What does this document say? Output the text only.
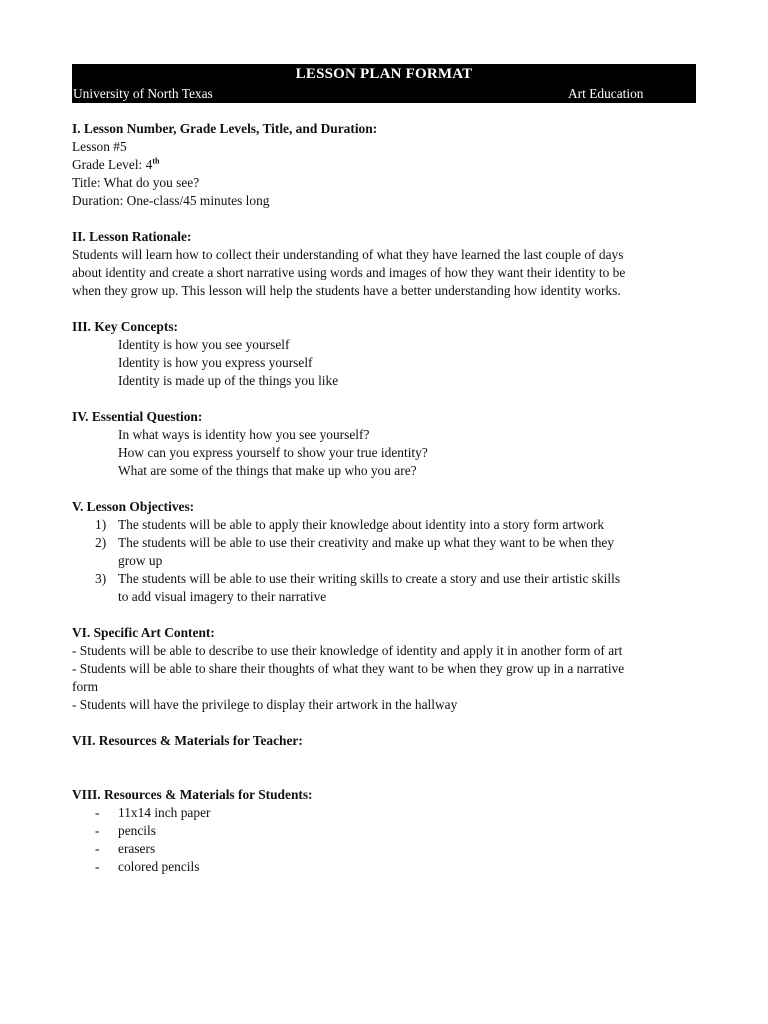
LESSON PLAN FORMAT
University of North Texas	Art Education
I. Lesson Number, Grade Levels, Title, and Duration:
Lesson #5
Grade Level: 4th
Title: What do you see?
Duration: One-class/45 minutes long
II. Lesson Rationale:
Students will learn how to collect their understanding of what they have learned the last couple of days
about identity and create a short narrative using words and images of how they want their identity to be
when they grow up. This lesson will help the students have a better understanding how identity works.
III. Key Concepts:
Identity is how you see yourself
Identity is how you express yourself
Identity is made up of the things you like
IV. Essential Question:
In what ways is identity how you see yourself?
How can you express yourself to show your true identity?
What are some of the things that make up who you are?
V. Lesson Objectives:
1) The students will be able to apply their knowledge about identity into a story form artwork
2) The students will be able to use their creativity and make up what they want to be when they
grow up
3) The students will be able to use their writing skills to create a story and use their artistic skills
to add visual imagery to their narrative
VI. Specific Art Content:
- Students will be able to describe to use their knowledge of identity and apply it in another form of art
- Students will be able to share their thoughts of what they want to be when they grow up in a narrative
form
- Students will have the privilege to display their artwork in the hallway
VII. Resources & Materials for Teacher:
VIII. Resources & Materials for Students:
- 11x14 inch paper
- pencils
- erasers
- colored pencils
